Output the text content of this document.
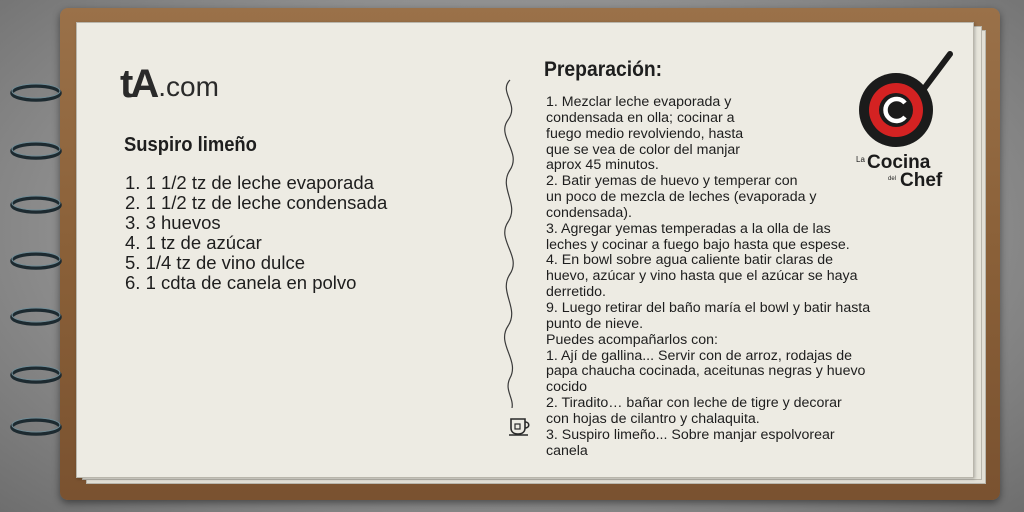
tA .com
Suspiro limeño
1. 1 1/2 tz de leche evaporada
2. 1 1/2 tz de leche condensada
3. 3 huevos
4. 1 tz de azúcar
5. 1/4 tz de vino dulce
6. 1 cdta de canela en polvo
Preparación:
1. Mezclar leche evaporada y
condensada en olla; cocinar a
fuego medio revolviendo, hasta
que se vea de color del manjar
aprox 45 minutos.
2. Batir yemas de huevo y temperar con
un poco de mezcla de leches (evaporada y
condensada).
3. Agregar yemas temperadas a la olla de las
leches y cocinar a fuego bajo hasta que espese.
4. En bowl sobre agua caliente batir claras de
huevo, azúcar y vino hasta que el azúcar se haya
derretido.
9. Luego retirar del baño maría el bowl y batir hasta
punto de nieve.
Puedes acompañarlos con:
1. Ají de gallina... Servir con de arroz, rodajas de
papa chaucha cocinada, aceitunas negras y huevo
cocido
2. Tiradito… bañar con leche de tigre y decorar
con hojas de cilantro y chalaquita.
3. Suspiro limeño... Sobre manjar espolvorear
canela
La Cocina
del Chef
